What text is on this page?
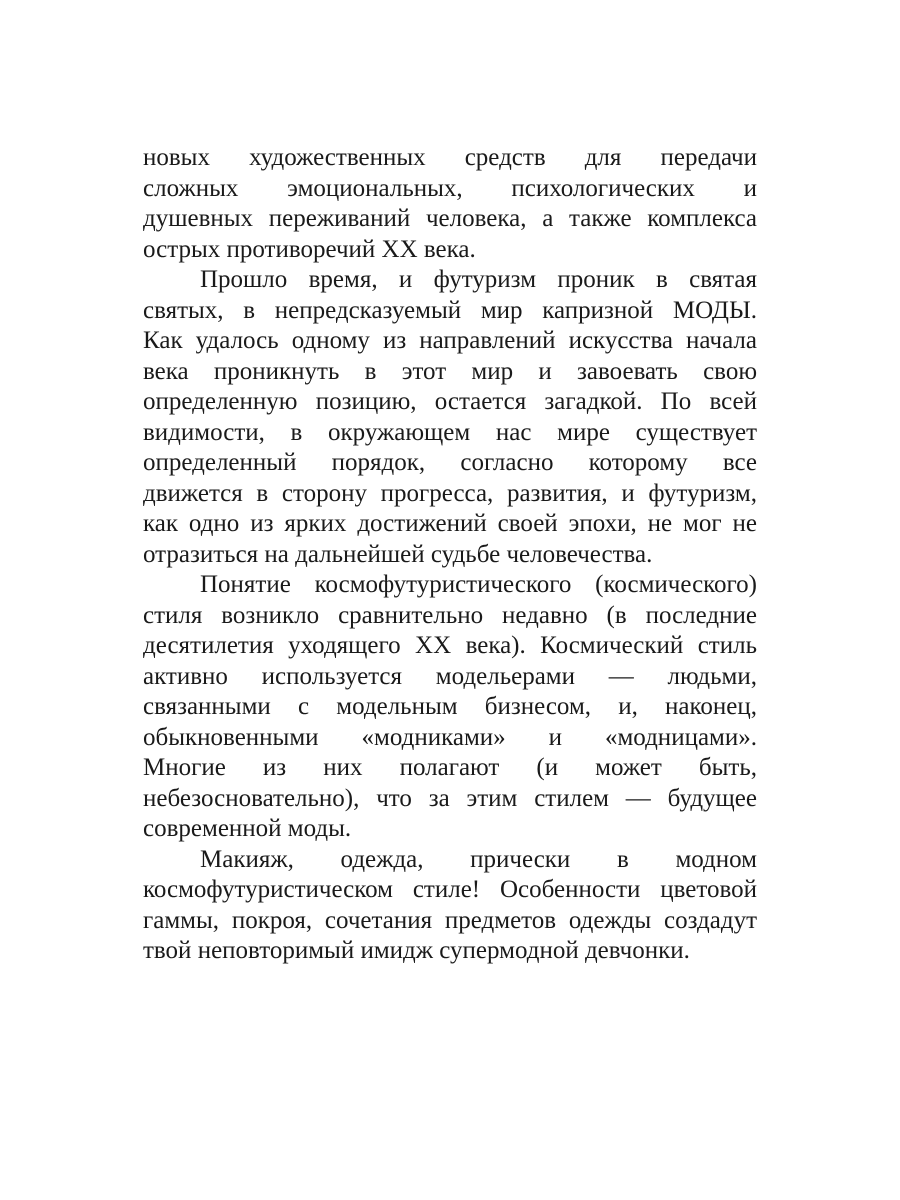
новых художественных средств для передачи
сложных эмоциональных, психологических и
душевных переживаний человека, а также комплекса
острых противоречий XX века.
Прошло время, и футуризм проник в святая
святых, в непредсказуемый мир капризной МОДЫ.
Как удалось одному из направлений искусства начала
века проникнуть в этот мир и завоевать свою
определенную позицию, остается загадкой. По всей
видимости, в окружающем нас мире существует
определенный порядок, согласно которому все
движется в сторону прогресса, развития, и футуризм,
как одно из ярких достижений своей эпохи, не мог не
отразиться на дальнейшей судьбе человечества.
Понятие космофутуристического (космического)
стиля возникло сравнительно недавно (в последние
десятилетия уходящего XX века). Космический стиль
активно используется модельерами — людьми,
связанными с модельным бизнесом, и, наконец,
обыкновенными «модниками» и «модницами».
Многие из них полагают (и может быть,
небезосновательно), что за этим стилем — будущее
современной моды.
Макияж, одежда, прически в модном
космофутуристическом стиле! Особенности цветовой
гаммы, покроя, сочетания предметов одежды создадут
твой неповторимый имидж супермодной девчонки.
